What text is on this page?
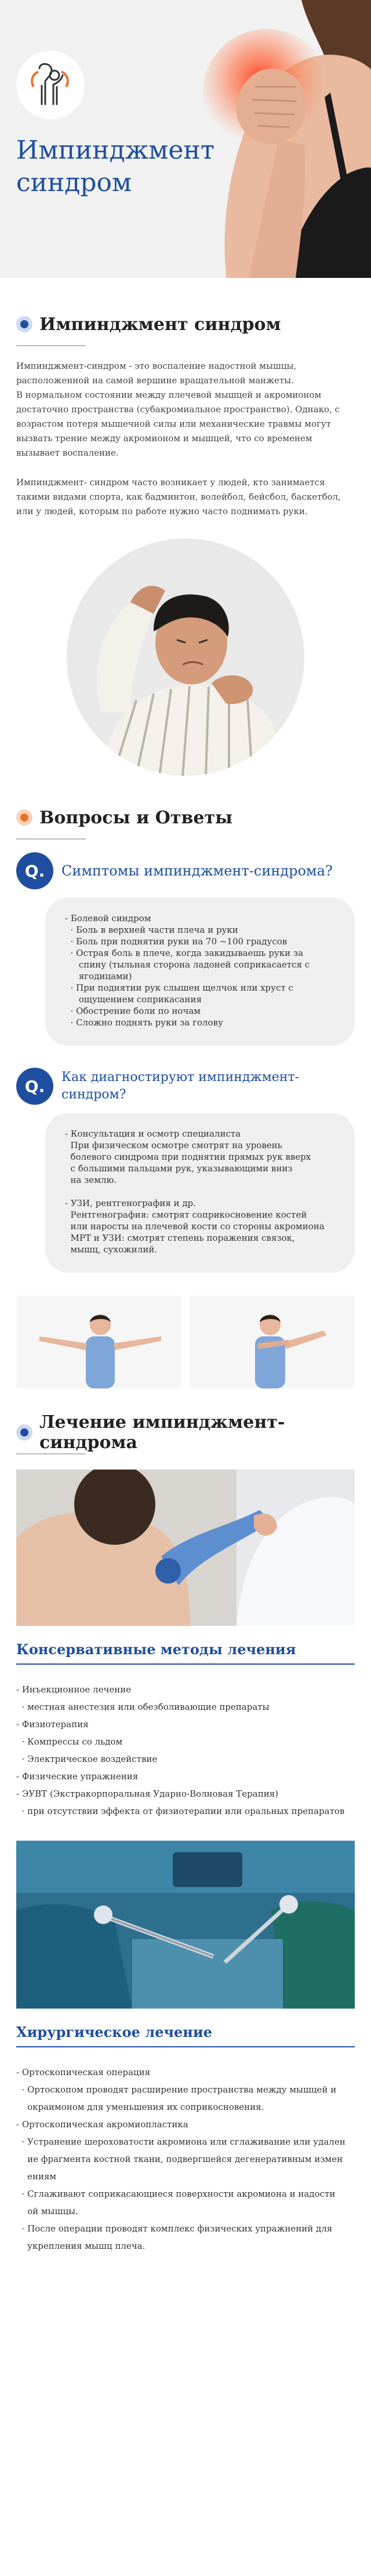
Импинджмент
синдром
Импинджмент синдром

Импинджмент-синдром - это воспаление надостной мышцы, расположенной на самой вершине вращательной манжеты.
В нормальном состоянии между плечевой мышцей и акромионом достаточно пространства (субакромиальное пространство). Однако, с возрастом потеря мышечной силы или механические травмы могут вызвать трение между акромионом и мышцей, что со временем вызывает воспаление.

Импинджмент- синдром часто возникает у людей, кто занимается такими видами спорта, как бадминтон, волейбол, бейсбол, баскетбол, или у людей, которым по работе нужно часто поднимать руки.

Вопросы и Ответы
Q.	Симптомы импинджмент-синдрома?
- Болевой синдром
· Боль в верхней части плеча и руки
· Боль при поднятии руки на 70 ~100 градусов
· Острая боль в плече, когда закидываешь руки за
спину (тыльная сторона ладоней соприкасается с
ягодицами)
· При поднятии рук слышен щелчок или хруст с
ощущением соприкасания
· Обострение боли по ночам
· Сложно поднять руки за голову
Q.	Как диагностируют импинджмент-синдром?
- Консультация и осмотр специалиста
При физическом осмотре смотрят на уровень
болевого синдрома при поднятии прямых рук вверх
с большими пальцами рук, указывающими вниз
на землю.
- УЗИ, рентгенография и др.
Рентгенография: смотрят соприкосновение костей
или наросты на плечевой кости со стороны акромиона
МРТ и УЗИ: смотрят степень поражения связок,
мышц, сухожилий.
Лечение импинджмент-синдрома
Консервативные методы лечения
- Инъекционное лечение
· местная анестезия или обезболивающие препараты
- Физиотерапия
· Компрессы со льдом
· Электрическое воздействие
- Физические упражнения
- ЭУВТ (Экстракорпоральная Ударно-Волновая Терапия)
· при отсутствии эффекта от физиотерапии или оральных препаратов
Хирургическое лечение
- Ортоскопическая операция
· Ортоскопом проводят расширение пространства между мышцей и
окраимоном для уменьшения их соприкосновения.
- Ортоскопическая акромиопластика
· Устранение шероховатости акромиона или сглаживание или удален
ие фрагмента костной ткани, подвергшейся дегенеративным измен
ениям
· Сглаживают соприкасающиеся поверхности акромиона и надости
ой мышцы.
· После операции проводят комплекс физических упражнений для
укрепления мышц плеча.
